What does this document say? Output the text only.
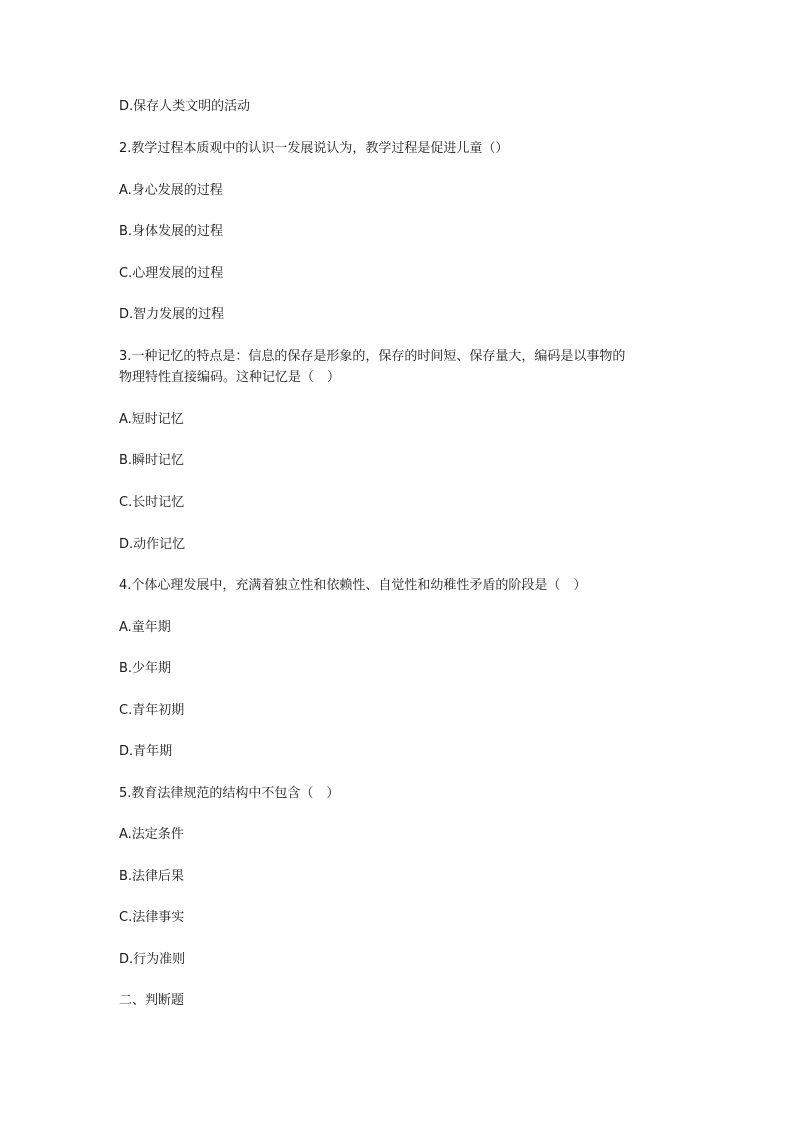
D.保存人类文明的活动
2.教学过程本质观中的认识一发展说认为，教学过程是促进儿童（）
A.身心发展的过程
B.身体发展的过程
C.心理发展的过程
D.智力发展的过程
3.一种记忆的特点是：信息的保存是形象的，保存的时间短、保存量大，编码是以事物的
物理特性直接编码。这种记忆是（　）
A.短时记忆
B.瞬时记忆
C.长时记忆
D.动作记忆
4.个体心理发展中，充满着独立性和依赖性、自觉性和幼稚性矛盾的阶段是（　）
A.童年期
B.少年期
C.青年初期
D.青年期
5.教育法律规范的结构中不包含（　）
A.法定条件
B.法律后果
C.法律事实
D.行为准则
二、判断题
